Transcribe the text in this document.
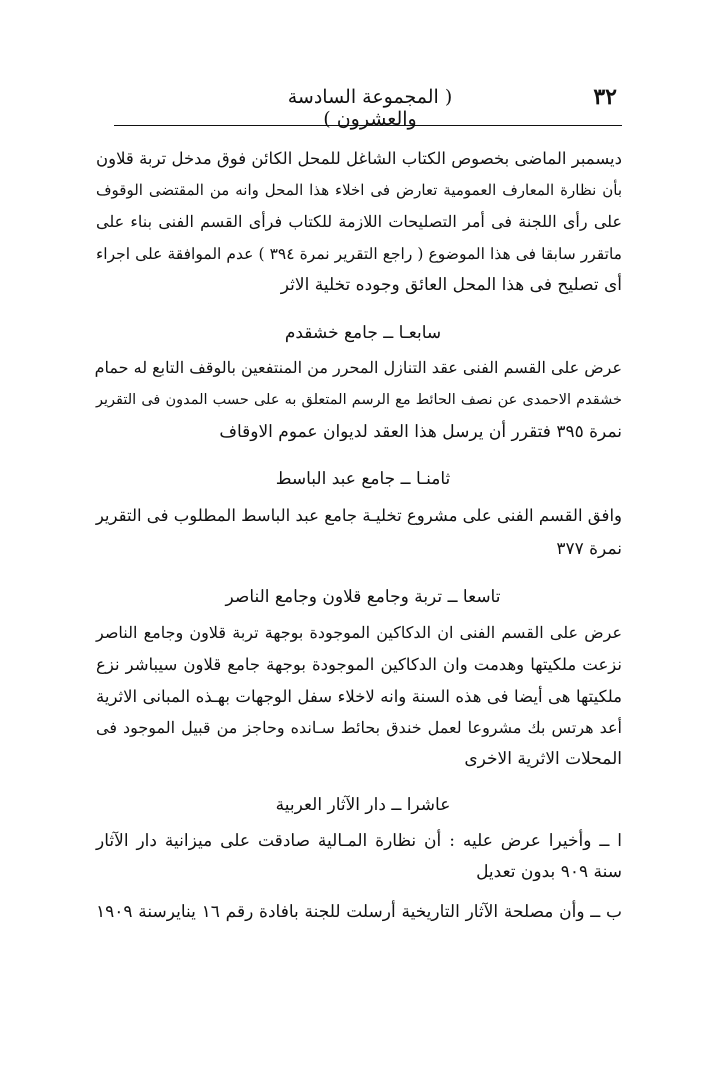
٣٢
( المجموعة السادسة والعشرون )
ديسمبر الماضى بخصوص الكتاب الشاغل للمحل الكائن فوق مدخل تربة قلاون
بأن نظارة المعارف العمومية تعارض فى اخلاء هذا المحل وانه من المقتضى الوقوف
على رأى اللجنة فى أمر التصليحات اللازمة للكتاب فرأى القسم الفنى بناء على
ماتقرر سابقا فى هذا الموضوع ( راجع التقرير نمرة ٣٩٤ ) عدم الموافقة على اجراء
أى تصليح فى هذا المحل العائق وجوده تخلية الاثر
سابعـا ــ جامع خشقدم
عرض على القسم الفنى عقد التنازل المحرر من المنتفعين بالوقف التابع له حمام
خشقدم الاحمدى عن نصف الحائط مع الرسم المتعلق به على حسب المدون فى التقرير
نمرة ٣٩٥ فتقرر أن يرسل هذا العقد لديوان عموم الاوقاف
ثامنـا ــ جامع عبد الباسط
وافق القسم الفنى على مشروع تخليـة جامع عبد الباسط المطلوب فى التقرير
نمرة ٣٧٧
تاسعا ــ تربة وجامع قلاون وجامع الناصر
عرض على القسم الفنى ان الدكاكين الموجودة بوجهة تربة قلاون وجامع الناصر
نزعت ملكيتها وهدمت وان الدكاكين الموجودة بوجهة جامع قلاون سيباشر نزع
ملكيتها هى أيضا فى هذه السنة وانه لاخلاء سفل الوجهات بهـذه المبانى الاثرية
أعد هرتس بك مشروعا لعمل خندق بحائط سـانده وحاجز من قبيل الموجود فى
المحلات الاثرية الاخرى
عاشرا ــ دار الآثار العربية
ا ــ وأخيرا عرض عليه : أن نظارة المـالية صادقت على ميزانية دار الآثار
سنة ٩٠٩ بدون تعديل
ب ــ وأن مصلحة الآثار التاريخية أرسلت للجنة بافادة رقم ١٦ ينايرسنة ١٩٠٩
